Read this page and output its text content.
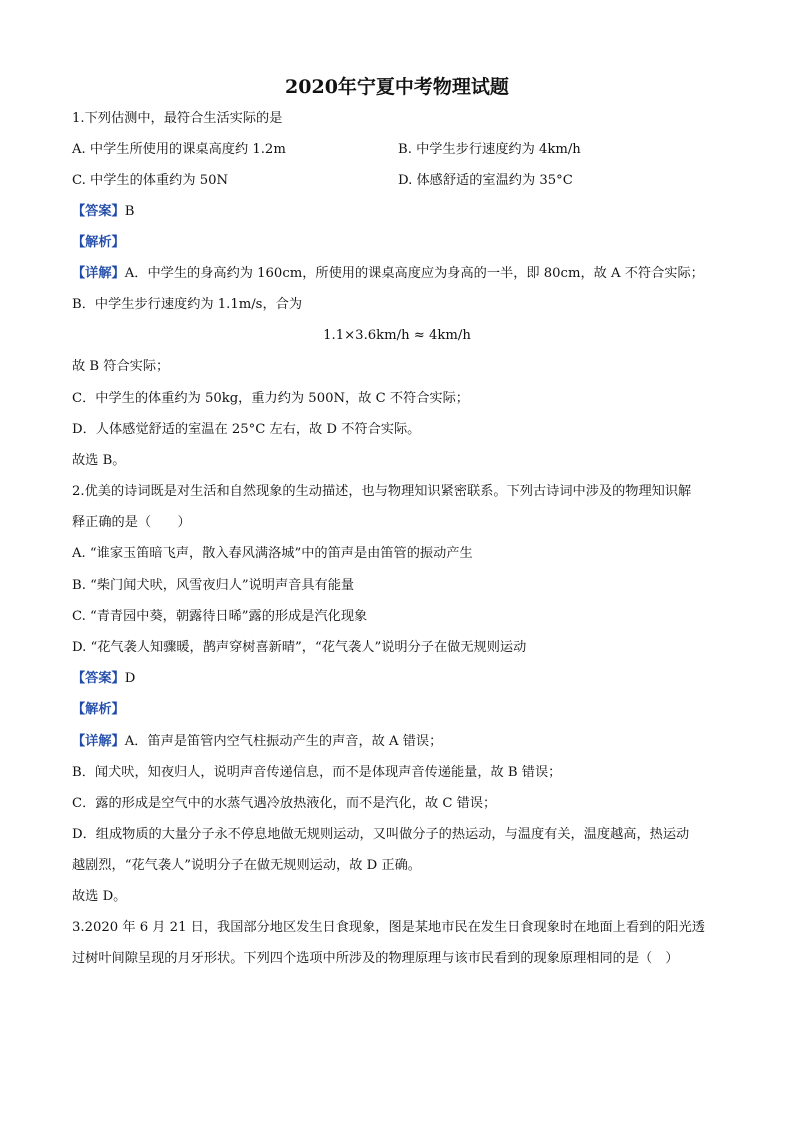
2020年宁夏中考物理试题
1.下列估测中，最符合生活实际的是
A. 中学生所使用的课桌高度约 1.2m	B. 中学生步行速度约为 4km/h
C. 中学生的体重约为 50N	D. 体感舒适的室温约为 35°C
【答案】B
【解析】
【详解】A．中学生的身高约为 160cm，所使用的课桌高度应为身高的一半，即 80cm，故 A 不符合实际；
B．中学生步行速度约为 1.1m/s，合为
1.1×3.6km/h ≈ 4km/h
故 B 符合实际；
C．中学生的体重约为 50kg，重力约为 500N，故 C 不符合实际；
D．人体感觉舒适的室温在 25°C 左右，故 D 不符合实际。
故选 B。
2.优美的诗词既是对生活和自然现象的生动描述，也与物理知识紧密联系。下列古诗词中涉及的物理知识解
释正确的是（　　）
A. “谁家玉笛暗飞声，散入春风满洛城”中的笛声是由笛管的振动产生
B. “柴门闻犬吠，风雪夜归人”说明声音具有能量
C. “青青园中葵，朝露待日晞”露的形成是汽化现象
D. “花气袭人知骤暖，鹊声穿树喜新晴”，“花气袭人”说明分子在做无规则运动
【答案】D
【解析】
【详解】A．笛声是笛管内空气柱振动产生的声音，故 A 错误；
B．闻犬吠，知夜归人，说明声音传递信息，而不是体现声音传递能量，故 B 错误；
C．露的形成是空气中的水蒸气遇冷放热液化，而不是汽化，故 C 错误；
D．组成物质的大量分子永不停息地做无规则运动，又叫做分子的热运动，与温度有关，温度越高，热运动
越剧烈，“花气袭人”说明分子在做无规则运动，故 D 正确。
故选 D。
3.2020 年 6 月 21 日，我国部分地区发生日食现象，图是某地市民在发生日食现象时在地面上看到的阳光透
过树叶间隙呈现的月牙形状。下列四个选项中所涉及的物理原理与该市民看到的现象原理相同的是（　）
